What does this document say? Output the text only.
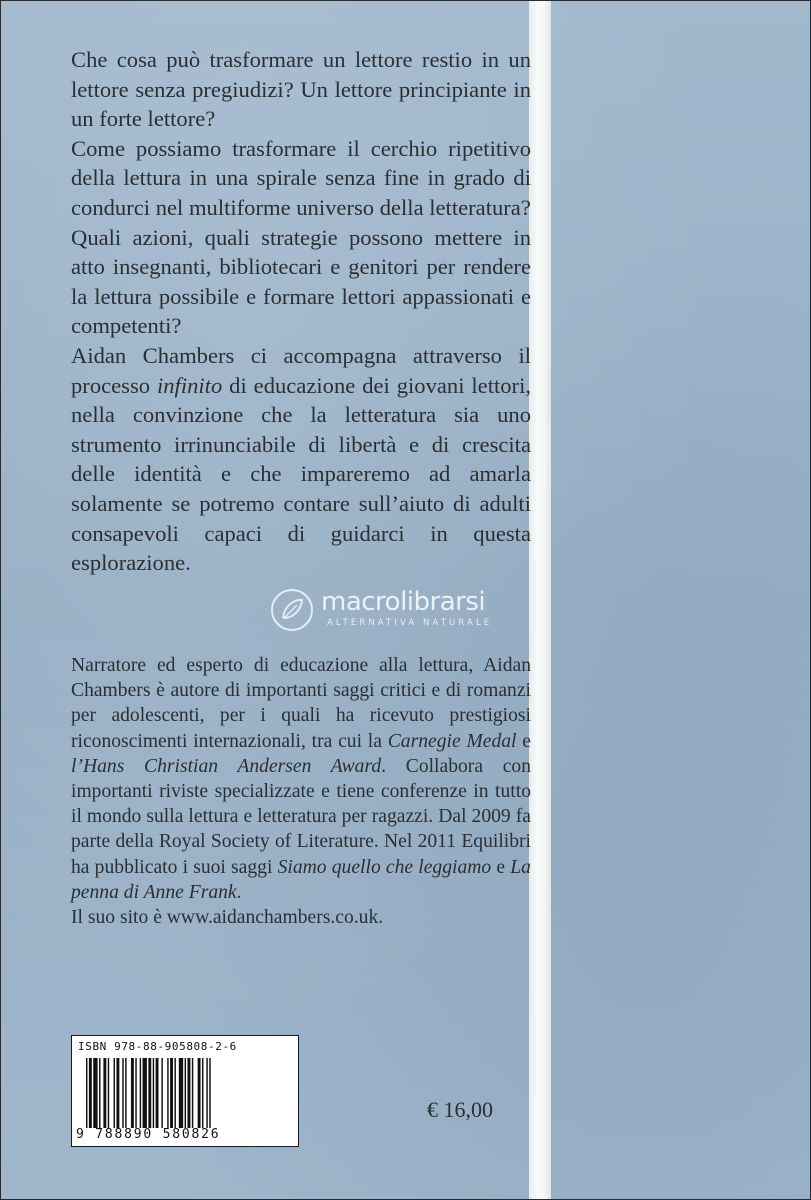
Che cosa può trasformare un lettore restio in un lettore senza pregiudizi? Un lettore principiante in un forte lettore?

Come possiamo trasformare il cerchio ripetitivo della lettura in una spirale senza fine in grado di condurci nel multiforme universo della letteratura?

Quali azioni, quali strategie possono mettere in atto insegnanti, bibliotecari e genitori per rendere la lettura possibile e formare lettori appassionati e competenti?

Aidan Chambers ci accompagna attraverso il processo infinito di educazione dei giovani lettori, nella convinzione che la letteratura sia uno strumento irrinunciabile di libertà e di crescita delle identità e che impareremo ad amarla solamente se potremo contare sull’aiuto di adulti consapevoli capaci di guidarci in questa esplorazione.

macrolibrarsi
ALTERNATIVA NATURALE

Narratore ed esperto di educazione alla lettura, Aidan Chambers è autore di importanti saggi critici e di romanzi per adolescenti, per i quali ha ricevuto prestigiosi riconoscimenti internazionali, tra cui la Carnegie Medal e l’Hans Christian Andersen Award. Collabora con importanti riviste specializzate e tiene conferenze in tutto il mondo sulla lettura e letteratura per ragazzi. Dal 2009 fa parte della Royal Society of Literature. Nel 2011 Equilibri ha pubblicato i suoi saggi Siamo quello che leggiamo e La penna di Anne Frank.

Il suo sito è www.aidanchambers.co.uk.

ISBN 978-88-905808-2-6
9 788890 580826
€ 16,00
